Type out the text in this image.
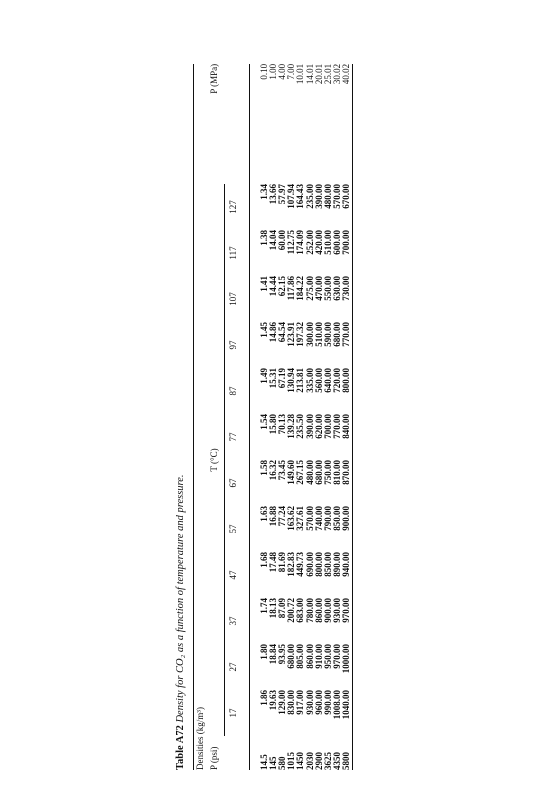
Table A72 Density for CO₂ as a function of temperature and pressure.
Densities (kg/m³)													
P (psi)	T (°C)												P (MPa)
	17	27	37	47	57	67	77	87	97	107	117	127	
14.5	1.86	1.80	1.74	1.68	1.63	1.58	1.54	1.49	1.45	1.41	1.38	1.34	0.10
145	19.63	18.84	18.13	17.48	16.88	16.32	15.80	15.31	14.86	14.44	14.04	13.66	1.00
580	129.00	93.95	87.09	81.69	77.24	73.45	70.13	67.19	64.54	62.15	60.00	57.97	4.00
1015	830.00	680.00	200.72	182.83	163.62	149.60	139.28	130.94	123.91	117.86	112.75	107.94	7.00
1450	917.00	805.00	683.00	449.73	327.61	267.15	235.50	213.81	197.32	184.22	174.09	164.43	10.01
2030	930.00	860.00	780.00	690.00	570.00	480.00	390.00	335.00	300.00	275.00	252.00	235.00	14.01
2900	960.00	910.00	860.00	800.00	740.00	680.00	620.00	560.00	510.00	470.00	420.00	390.00	20.01
3625	990.00	950.00	900.00	850.00	790.00	750.00	700.00	640.00	590.00	550.00	510.00	480.00	25.01
4350	1008.00	970.00	930.00	890.00	850.00	810.00	770.00	720.00	680.00	630.00	600.00	570.00	30.02
5800	1040.00	1000.00	970.00	940.00	900.00	870.00	840.00	800.00	770.00	730.00	700.00	670.00	40.02
